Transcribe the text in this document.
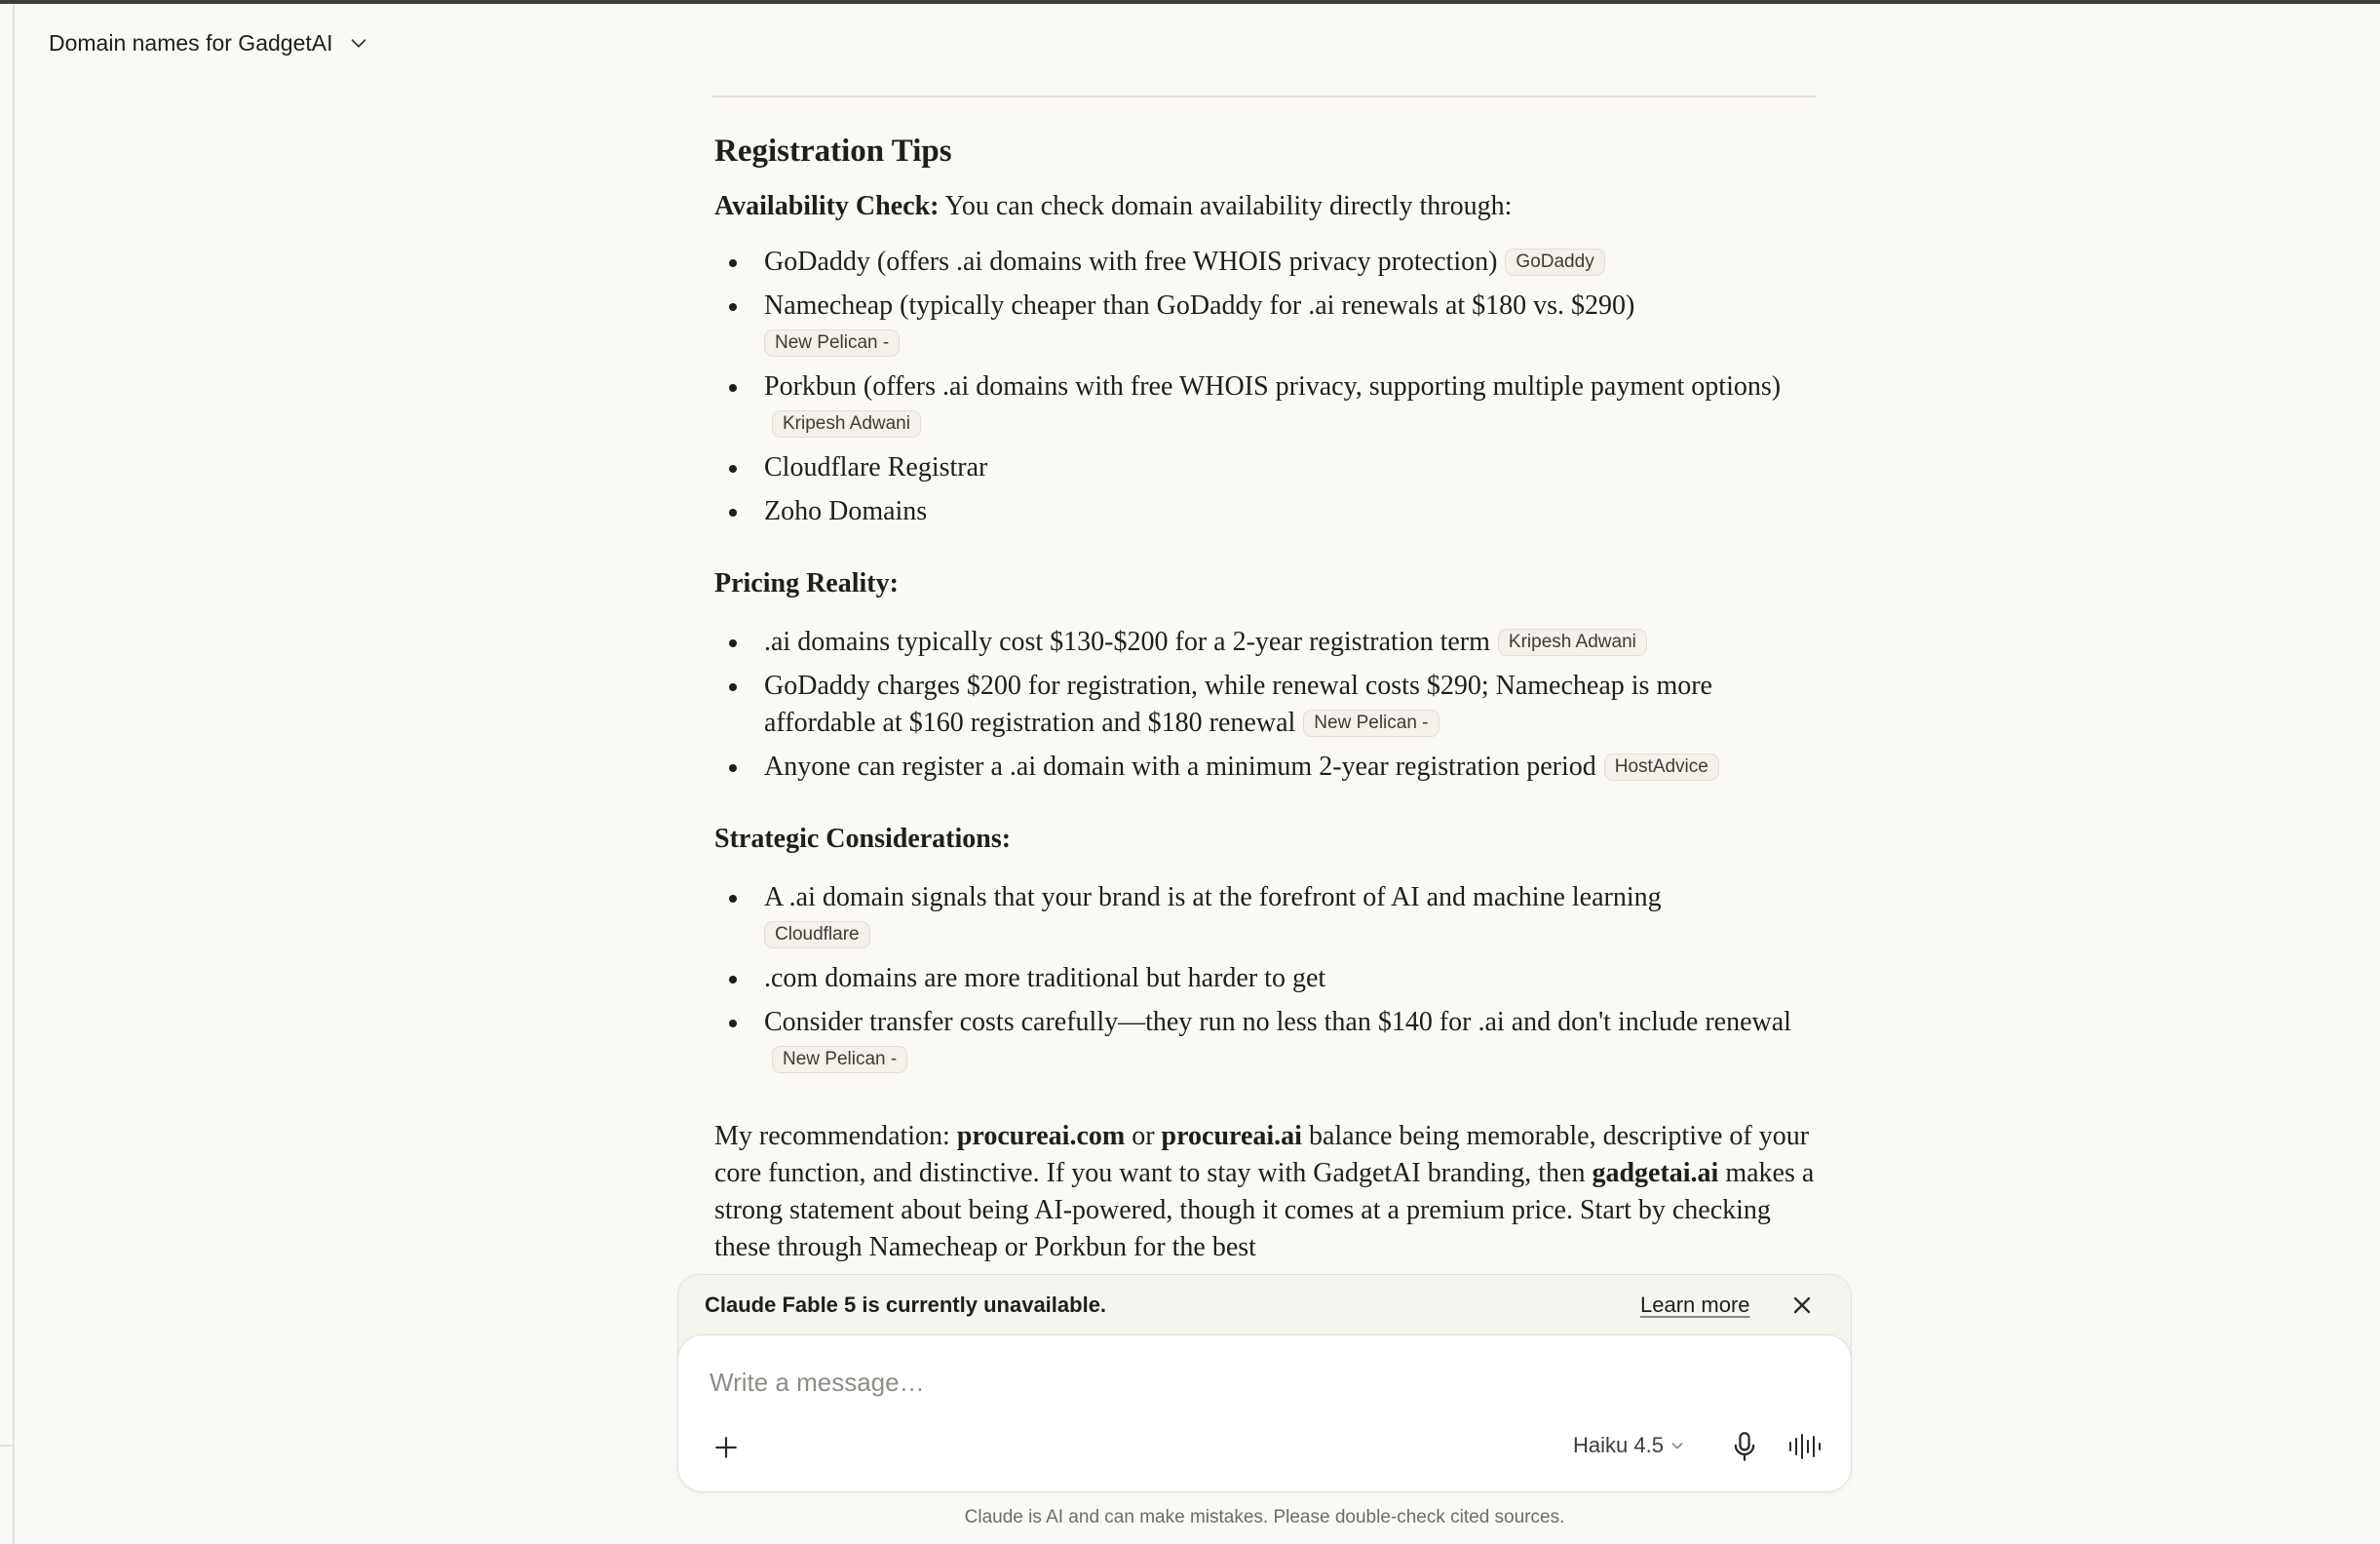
Domain names for GadgetAI
Registration Tips

Availability Check: You can check domain availability directly through:

GoDaddy (offers .ai domains with free WHOIS privacy protection) GoDaddy
Namecheap (typically cheaper than GoDaddy for .ai renewals at $180 vs. $290)
New Pelican -
Porkbun (offers .ai domains with free WHOIS privacy, supporting multiple payment options)Kripesh Adwani
Cloudflare Registrar
Zoho Domains
Pricing Reality:
.ai domains typically cost $130-$200 for a 2-year registration term Kripesh Adwani
GoDaddy charges $200 for registration, while renewal costs $290; Namecheap is more affordable at $160 registration and $180 renewal New Pelican -
Anyone can register a .ai domain with a minimum 2-year registration period HostAdvice
Strategic Considerations:
A .ai domain signals that your brand is at the forefront of AI and machine learning
Cloudflare
.com domains are more traditional but harder to get
Consider transfer costs carefully—they run no less than $140 for .ai and don't include renewalNew Pelican -

My recommendation: procureai.com or procureai.ai balance being memorable, descriptive of your core function, and distinctive. If you want to stay with GadgetAI branding, then gadgetai.ai makes a strong statement about being AI-powered, though it comes at a premium price. Start by checking these through Namecheap or Porkbun for the best

Claude Fable 5 is currently unavailable.	Learn more
Write a message…
Haiku 4.5
Claude is AI and can make mistakes. Please double-check cited sources.
